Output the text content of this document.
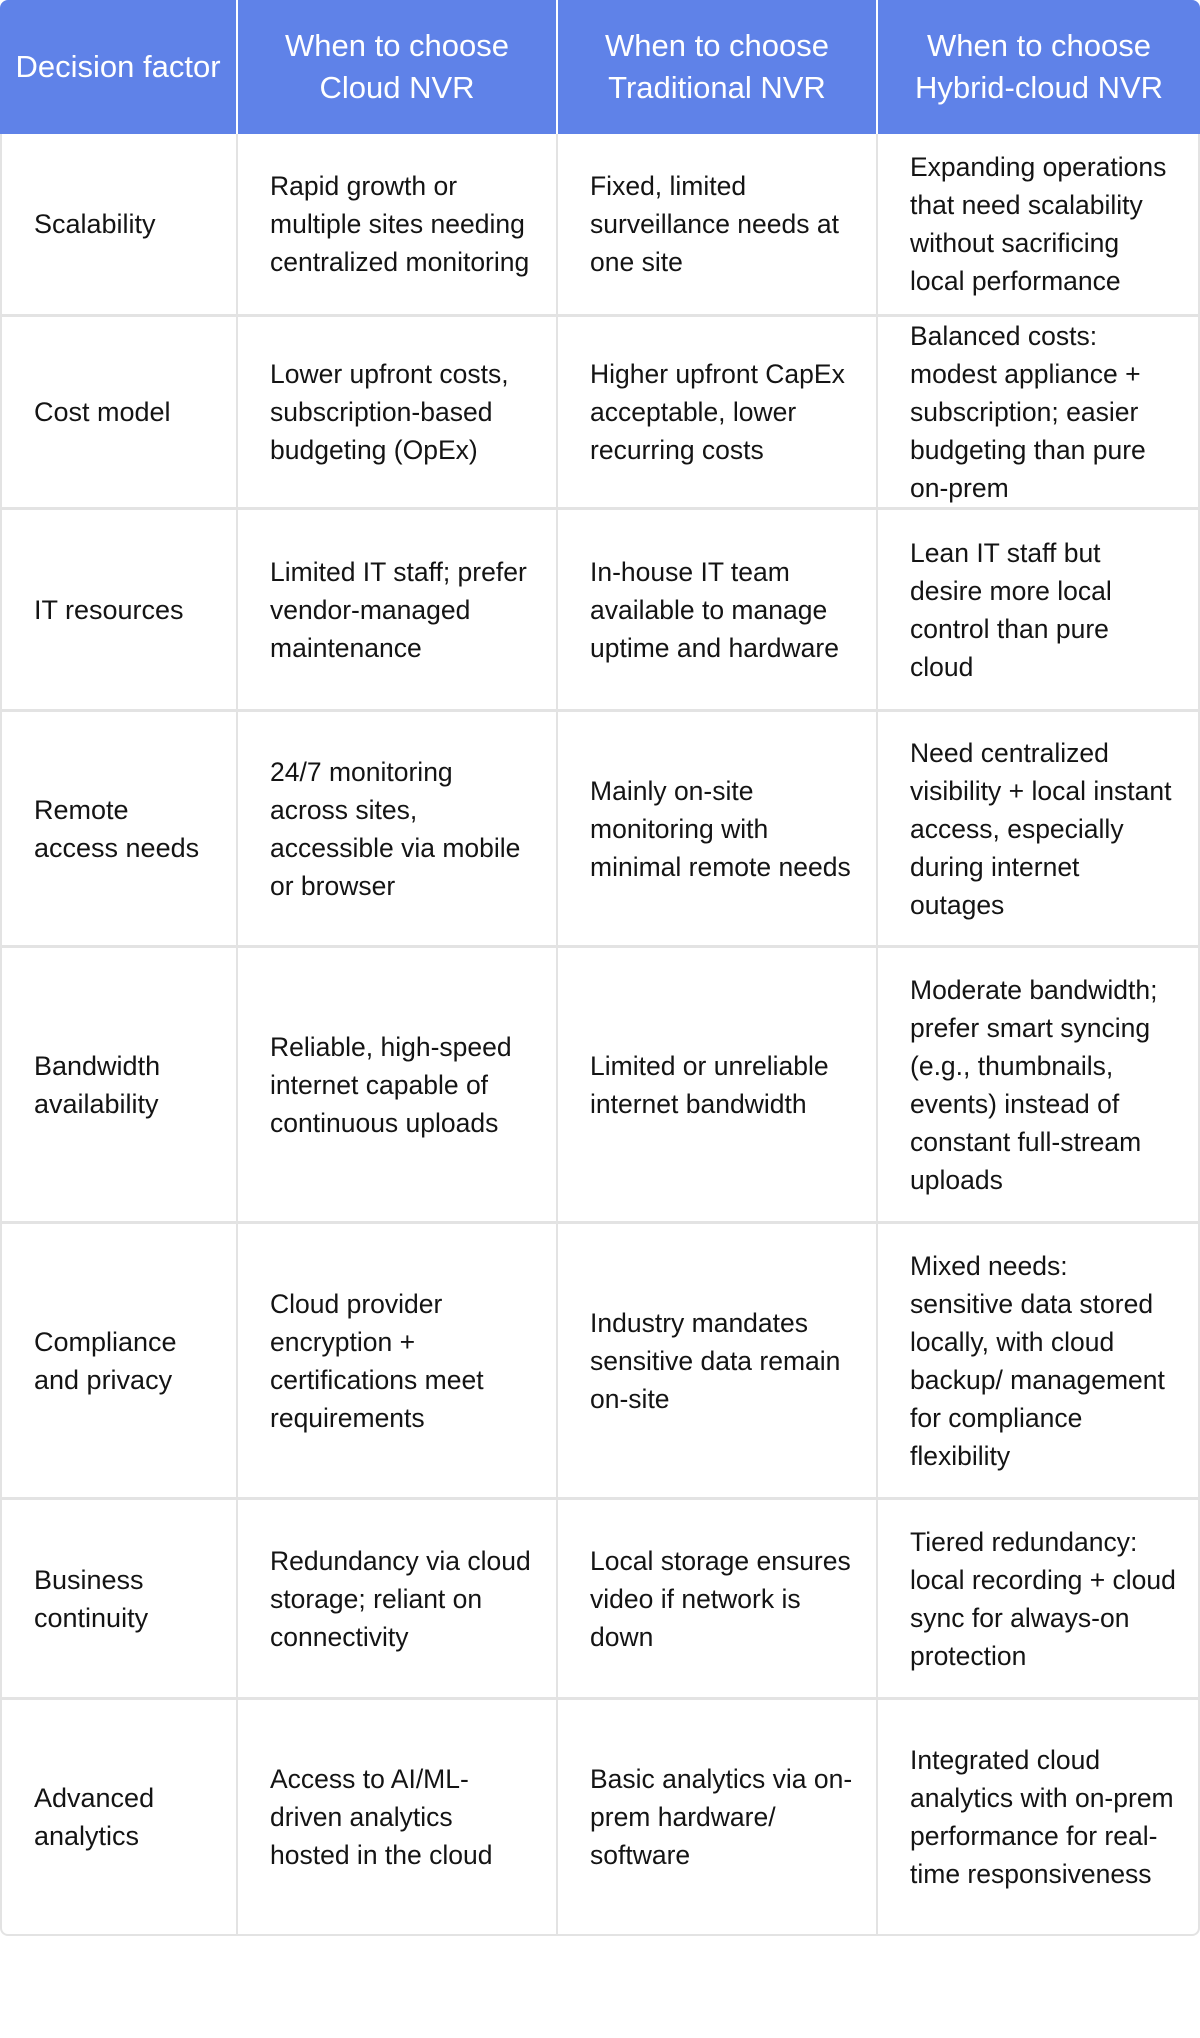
Decision factor	When to choose Cloud NVR	When to choose Traditional NVR	When to choose Hybrid-cloud NVR
Scalability	Rapid growth or multiple sites needing centralized monitoring	Fixed, limited surveillance needs at one site	Expanding operations that need scalability without sacrificing local performance
Cost model	Lower upfront costs, subscription-based budgeting (OpEx)	Higher upfront CapEx acceptable, lower recurring costs	Balanced costs: modest appliance + subscription; easier budgeting than pure on-prem
IT resources	Limited IT staff; prefer vendor-managed maintenance	In-house IT team available to manage uptime and hardware	Lean IT staff but desire more local control than pure cloud
Remote access needs	24/7 monitoring across sites, accessible via mobile or browser	Mainly on-site monitoring with minimal remote needs	Need centralized visibility + local instant access, especially during internet outages
Bandwidth availability	Reliable, high-speed internet capable of continuous uploads	Limited or unreliable internet bandwidth	Moderate bandwidth; prefer smart syncing (e.g., thumbnails, events) instead of constant full-stream uploads
Compliance and privacy	Cloud provider encryption + certifications meet requirements	Industry mandates sensitive data remain on-site	Mixed needs: sensitive data stored locally, with cloud backup/ management for compliance flexibility
Business continuity	Redundancy via cloud storage; reliant on connectivity	Local storage ensures video if network is down	Tiered redundancy: local recording + cloud sync for always-on protection
Advanced analytics	Access to AI/ML-driven analytics hosted in the cloud	Basic analytics via on-prem hardware/ software	Integrated cloud analytics with on-prem performance for real-time responsiveness
